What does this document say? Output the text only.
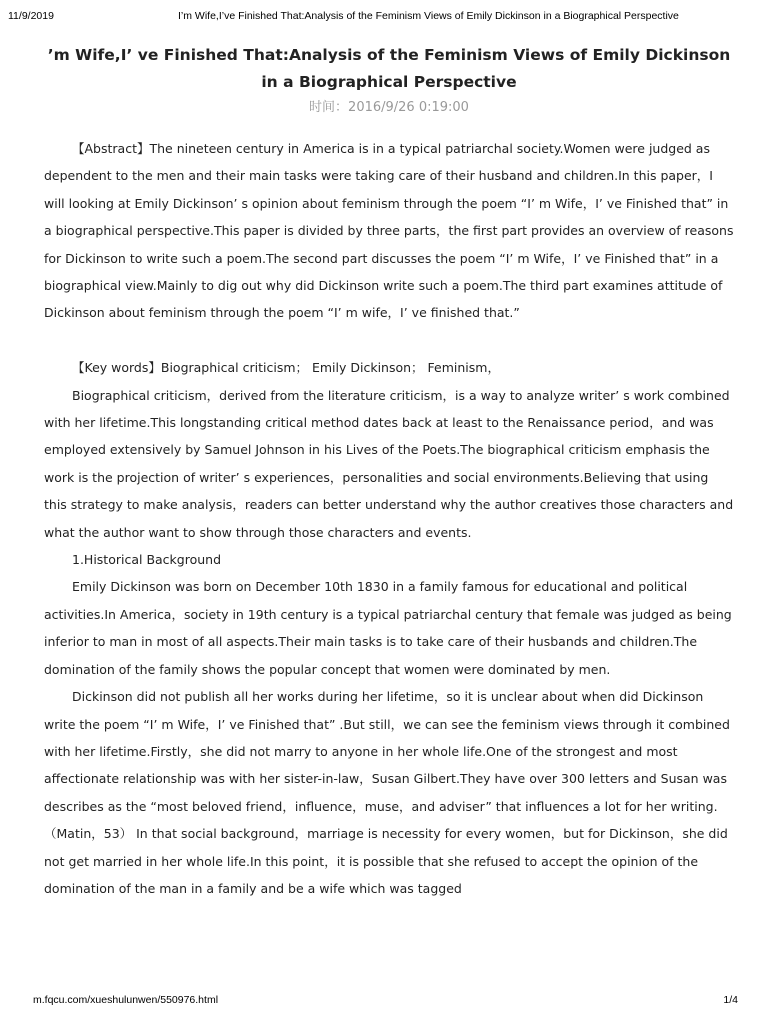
11/9/2019	I’m Wife,I’ve Finished That:Analysis of the Feminism Views of Emily Dickinson in a Biographical Perspective
’m Wife,I’ ve Finished That:Analysis of the Feminism Views of Emily Dickinson in a Biographical Perspective
时间：2016/9/26 0:19:00

【Abstract】The nineteen century in America is in a typical patriarchal society.Women were judged as dependent to the men and their main tasks were taking care of their husband and children.In this paper，I will looking at Emily Dickinson’ s opinion about feminism through the poem “I’ m Wife，I’ ve Finished that” in a biographical perspective.This paper is divided by three parts，the first part provides an overview of reasons for Dickinson to write such a poem.The second part discusses the poem “I’ m Wife，I’ ve Finished that” in a biographical view.Mainly to dig out why did Dickinson write such a poem.The third part examines attitude of Dickinson about feminism through the poem “I’ m wife，I’ ve finished that.”

【Key words】Biographical criticism； Emily Dickinson； Feminism，

Biographical criticism，derived from the literature criticism，is a way to analyze writer’ s work combined with her lifetime.This longstanding critical method dates back at least to the Renaissance period，and was employed extensively by Samuel Johnson in his Lives of the Poets.The biographical criticism emphasis the work is the projection of writer’ s experiences，personalities and social environments.Believing that using this strategy to make analysis，readers can better understand why the author creatives those characters and what the author want to show through those characters and events.

1.Historical Background

Emily Dickinson was born on December 10th 1830 in a family famous for educational and political activities.In America，society in 19th century is a typical patriarchal century that female was judged as being inferior to man in most of all aspects.Their main tasks is to take care of their husbands and children.The domination of the family shows the popular concept that women were dominated by men.

Dickinson did not publish all her works during her lifetime，so it is unclear about when did Dickinson write the poem “I’ m Wife，I’ ve Finished that” .But still，we can see the feminism views through it combined with her lifetime.Firstly，she did not marry to anyone in her whole life.One of the strongest and most affectionate relationship was with her sister-in-law，Susan Gilbert.They have over 300 letters and Susan was describes as the “most beloved friend，influence，muse，and adviser” that influences a lot for her writing.（Matin，53） In that social background，marriage is necessity for every women，but for Dickinson，she did not get married in her whole life.In this point，it is possible that she refused to accept the opinion of the domination of the man in a family and be a wife which was tagged

m.fqcu.com/xueshulunwen/550976.html	1/4
